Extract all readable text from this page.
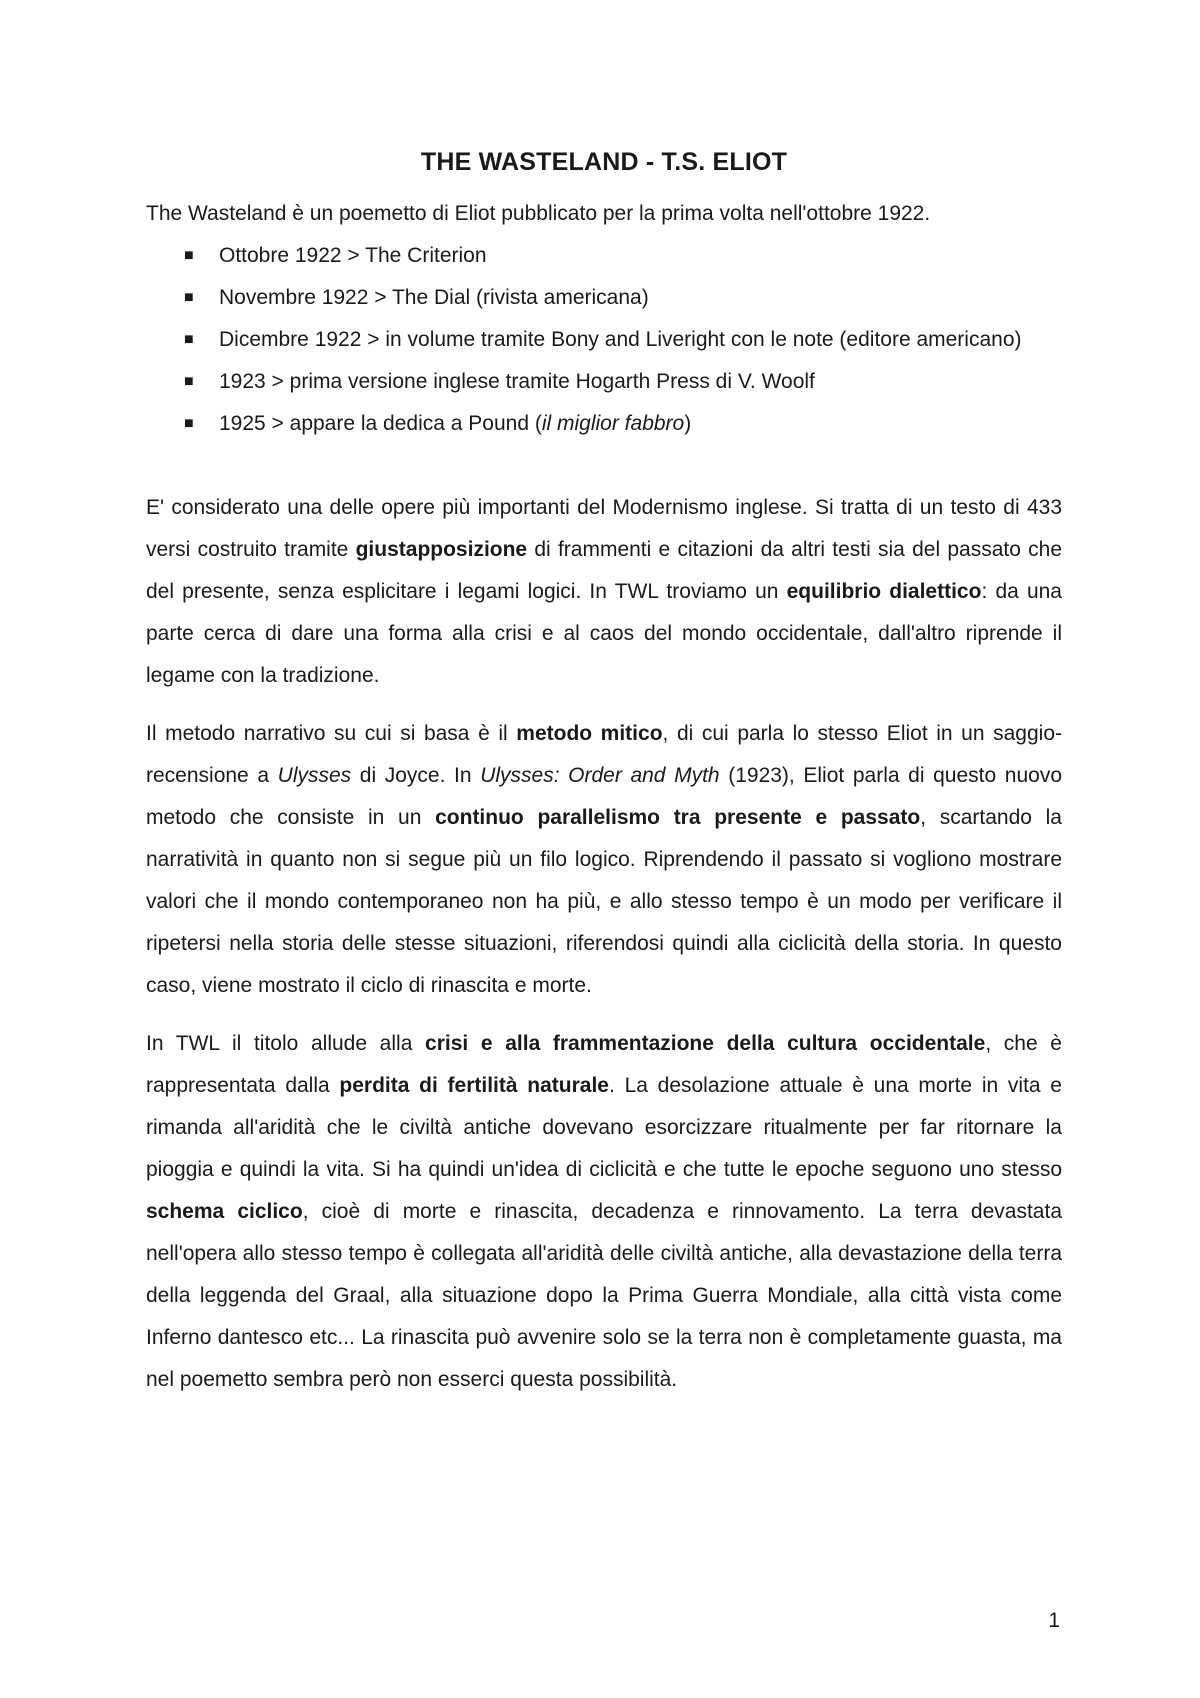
THE WASTELAND - T.S. ELIOT

The Wasteland è un poemetto di Eliot pubblicato per la prima volta nell'ottobre 1922.

■ Ottobre 1922 > The Criterion
■ Novembre 1922 > The Dial (rivista americana)
■ Dicembre 1922 > in volume tramite Bony and Liveright con le note (editore americano)
■ 1923 > prima versione inglese tramite Hogarth Press di V. Woolf
■ 1925 > appare la dedica a Pound (il miglior fabbro)

E' considerato una delle opere più importanti del Modernismo inglese. Si tratta di un testo di 433 versi costruito tramite giustapposizione di frammenti e citazioni da altri testi sia del passato che del presente, senza esplicitare i legami logici. In TWL troviamo un equilibrio dialettico: da una parte cerca di dare una forma alla crisi e al caos del mondo occidentale, dall'altro riprende il legame con la tradizione.

Il metodo narrativo su cui si basa è il metodo mitico, di cui parla lo stesso Eliot in un saggio-recensione a Ulysses di Joyce. In Ulysses: Order and Myth (1923), Eliot parla di questo nuovo metodo che consiste in un continuo parallelismo tra presente e passato, scartando la narratività in quanto non si segue più un filo logico. Riprendendo il passato si vogliono mostrare valori che il mondo contemporaneo non ha più, e allo stesso tempo è un modo per verificare il ripetersi nella storia delle stesse situazioni, riferendosi quindi alla ciclicità della storia. In questo caso, viene mostrato il ciclo di rinascita e morte.

In TWL il titolo allude alla crisi e alla frammentazione della cultura occidentale, che è rappresentata dalla perdita di fertilità naturale. La desolazione attuale è una morte in vita e rimanda all'aridità che le civiltà antiche dovevano esorcizzare ritualmente per far ritornare la pioggia e quindi la vita. Si ha quindi un'idea di ciclicità e che tutte le epoche seguono uno stesso schema ciclico, cioè di morte e rinascita, decadenza e rinnovamento. La terra devastata nell'opera allo stesso tempo è collegata all'aridità delle civiltà antiche, alla devastazione della terra della leggenda del Graal, alla situazione dopo la Prima Guerra Mondiale, alla città vista come Inferno dantesco etc... La rinascita può avvenire solo se la terra non è completamente guasta, ma nel poemetto sembra però non esserci questa possibilità.

1
